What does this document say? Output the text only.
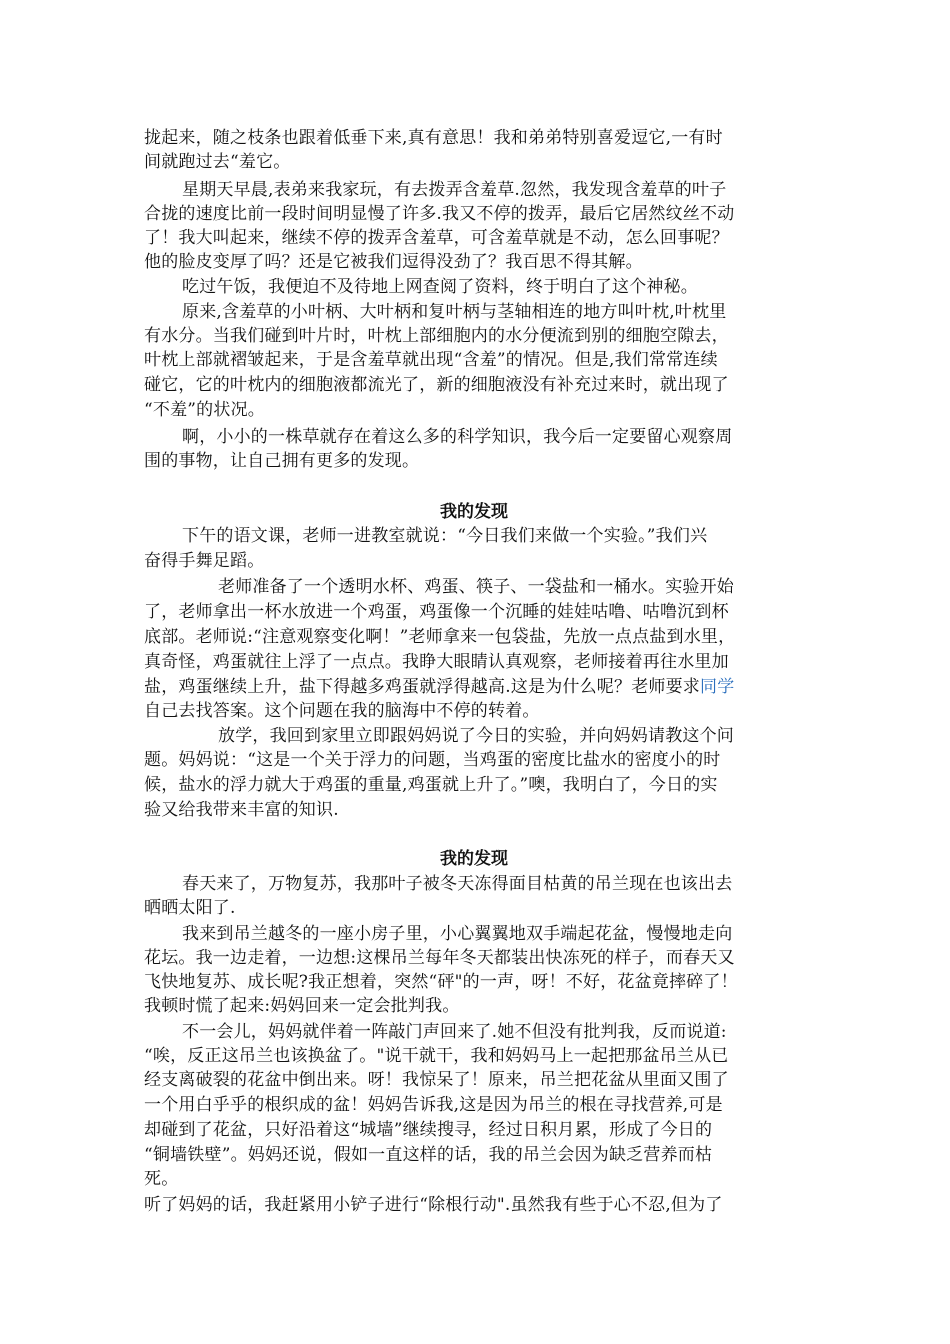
拢起来，随之枝条也跟着低垂下来,真有意思！我和弟弟特别喜爱逗它,一有时
间就跑过去“羞它。
星期天早晨,表弟来我家玩，有去拨弄含羞草.忽然，我发现含羞草的叶子
合拢的速度比前一段时间明显慢了许多.我又不停的拨弄，最后它居然纹丝不动
了！我大叫起来，继续不停的拨弄含羞草，可含羞草就是不动，怎么回事呢？
他的脸皮变厚了吗？还是它被我们逗得没劲了？我百思不得其解。
吃过午饭，我便迫不及待地上网查阅了资料，终于明白了这个神秘。
原来,含羞草的小叶柄、大叶柄和复叶柄与茎轴相连的地方叫叶枕,叶枕里
有水分。当我们碰到叶片时，叶枕上部细胞内的水分便流到别的细胞空隙去，
叶枕上部就褶皱起来，于是含羞草就出现“含羞”的情况。但是,我们常常连续
碰它，它的叶枕内的细胞液都流光了，新的细胞液没有补充过来时，就出现了
“不羞”的状况。
啊，小小的一株草就存在着这么多的科学知识，我今后一定要留心观察周
围的事物，让自己拥有更多的发现。
我的发现
下午的语文课，老师一进教室就说：“今日我们来做一个实验。”我们兴
奋得手舞足蹈。
老师准备了一个透明水杯、鸡蛋、筷子、一袋盐和一桶水。实验开始
了，老师拿出一杯水放进一个鸡蛋，鸡蛋像一个沉睡的娃娃咕噜、咕噜沉到杯
底部。老师说:“注意观察变化啊！”老师拿来一包袋盐，先放一点点盐到水里，
真奇怪，鸡蛋就往上浮了一点点。我睁大眼睛认真观察，老师接着再往水里加
盐，鸡蛋继续上升，盐下得越多鸡蛋就浮得越高.这是为什么呢？老师要求同学
自己去找答案。这个问题在我的脑海中不停的转着。
放学，我回到家里立即跟妈妈说了今日的实验，并向妈妈请教这个问
题。妈妈说：“这是一个关于浮力的问题，当鸡蛋的密度比盐水的密度小的时
候，盐水的浮力就大于鸡蛋的重量,鸡蛋就上升了。”噢，我明白了，今日的实
验又给我带来丰富的知识.
我的发现
春天来了，万物复苏，我那叶子被冬天冻得面目枯黄的吊兰现在也该出去
晒晒太阳了.
我来到吊兰越冬的一座小房子里，小心翼翼地双手端起花盆，慢慢地走向
花坛。我一边走着，一边想:这棵吊兰每年冬天都装出快冻死的样子，而春天又
飞快地复苏、成长呢?我正想着，突然“砰"的一声，呀！不好，花盆竟摔碎了！
我顿时慌了起来:妈妈回来一定会批判我。
不一会儿，妈妈就伴着一阵敲门声回来了.她不但没有批判我，反而说道:
“唉，反正这吊兰也该换盆了。"说干就干，我和妈妈马上一起把那盆吊兰从已
经支离破裂的花盆中倒出来。呀！我惊呆了！原来，吊兰把花盆从里面又围了
一个用白乎乎的根织成的盆！妈妈告诉我,这是因为吊兰的根在寻找营养,可是
却碰到了花盆，只好沿着这“城墙”继续搜寻，经过日积月累，形成了今日的
“铜墙铁壁”。妈妈还说，假如一直这样的话，我的吊兰会因为缺乏营养而枯
死。
听了妈妈的话，我赶紧用小铲子进行“除根行动".虽然我有些于心不忍,但为了
